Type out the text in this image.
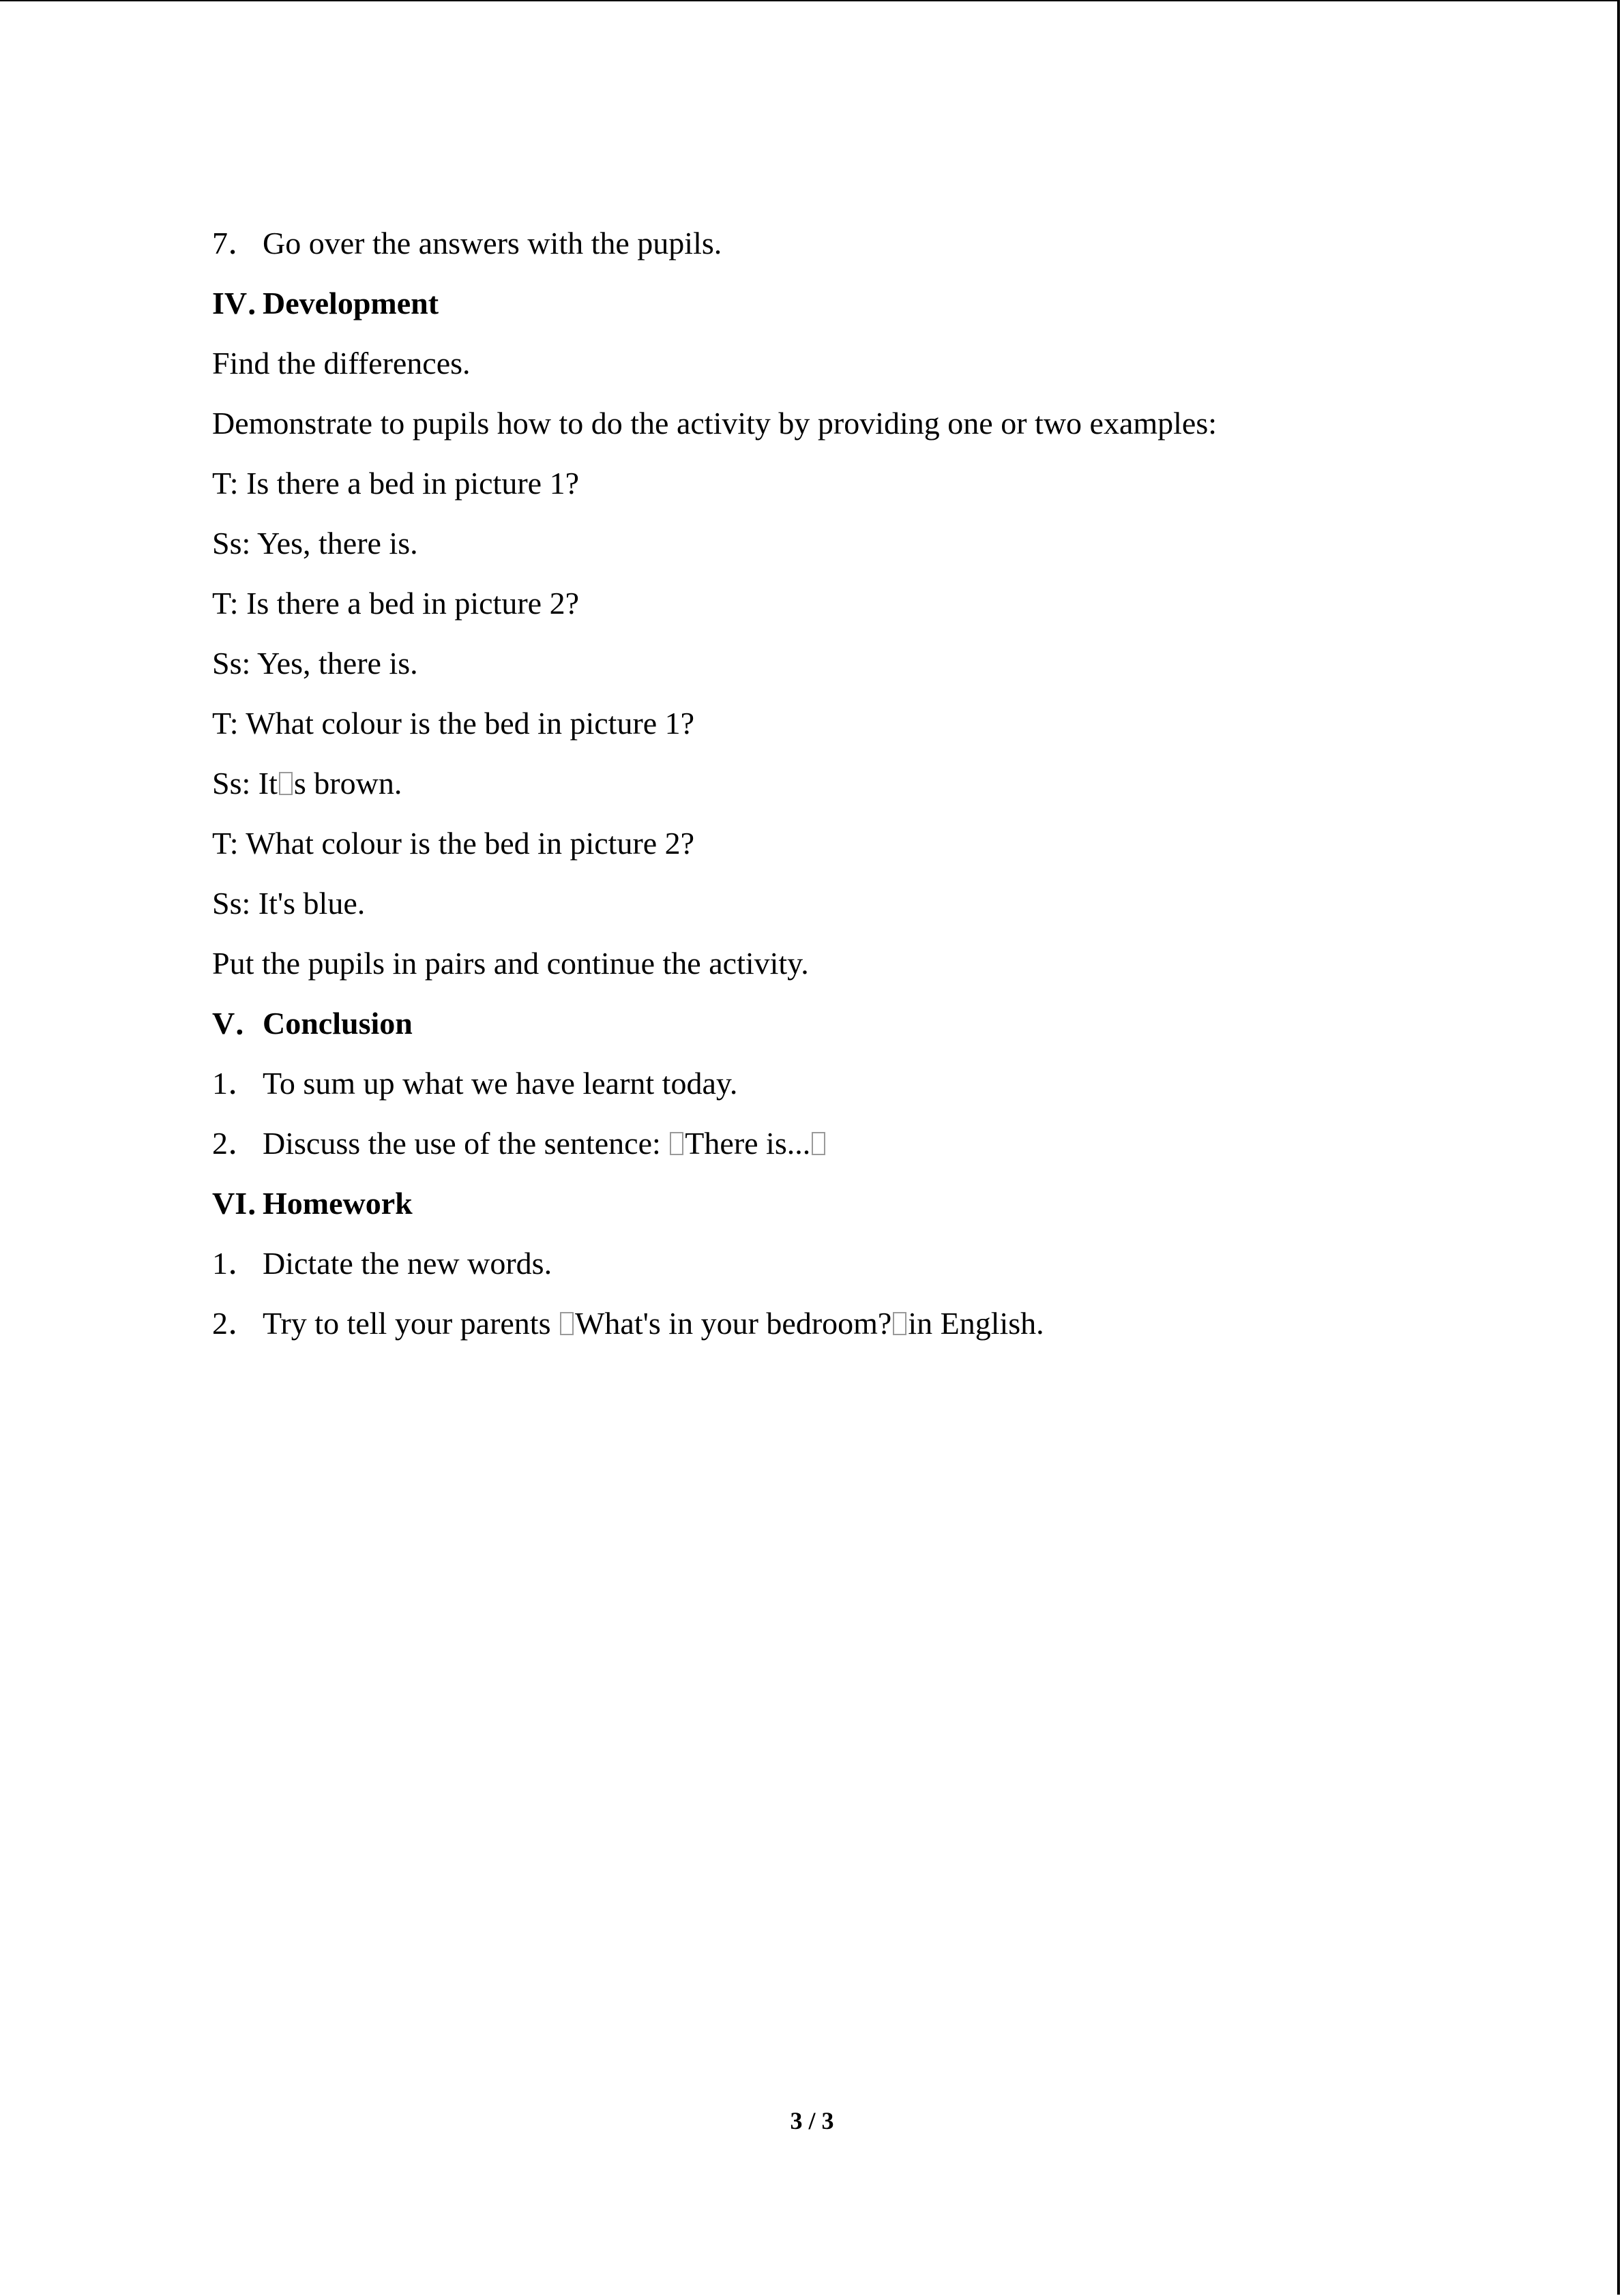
7． Go over the answers with the pupils.
IV．Development
Find the differences.
Demonstrate to pupils how to do the activity by providing one or two examples:
T: Is there a bed in picture 1?
Ss: Yes, there is.
T: Is there a bed in picture 2?
Ss: Yes, there is.
T: What colour is the bed in picture 1?
Ss: It s brown.
T: What colour is the bed in picture 2?
Ss: It's blue.
Put the pupils in pairs and continue the activity.
V．Conclusion
1． To sum up what we have learnt today.
2． Discuss the use of the sentence: There is...
VI．Homework
1． Dictate the new words.
2． Try to tell your parents What's in your bedroom? in English.
3 / 3
